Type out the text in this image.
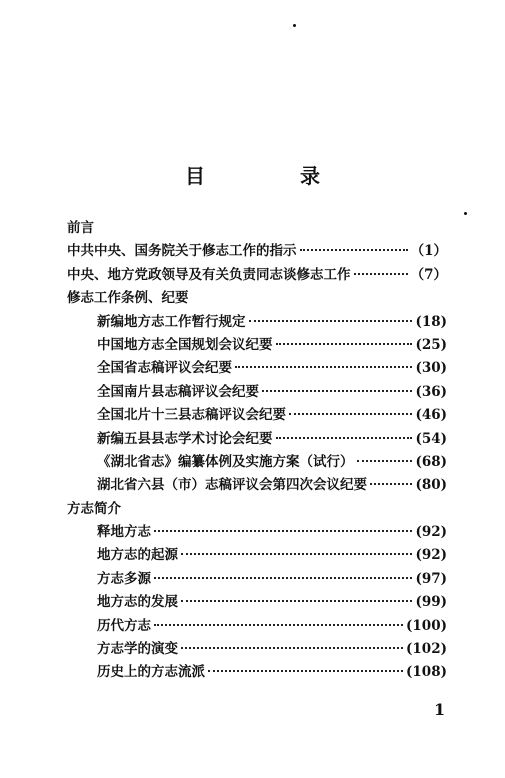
目 录
前言
中共中央、国务院关于修志工作的指示	（1）
中央、地方党政领导及有关负责同志谈修志工作	（7）
修志工作条例、纪要
新编地方志工作暂行规定	(18)
中国地方志全国规划会议纪要	(25)
全国省志稿评议会纪要	(30)
全国南片县志稿评议会纪要	(36)
全国北片十三县志稿评议会纪要	(46)
新编五县县志学术讨论会纪要	(54)
《湖北省志》编纂体例及实施方案（试行）	(68)
湖北省六县（市）志稿评议会第四次会议纪要	(80)
方志简介
释地方志	(92)
地方志的起源	(92)
方志多源	(97)
地方志的发展	(99)
历代方志	(100)
方志学的演变	(102)
历史上的方志流派	(108)
1
